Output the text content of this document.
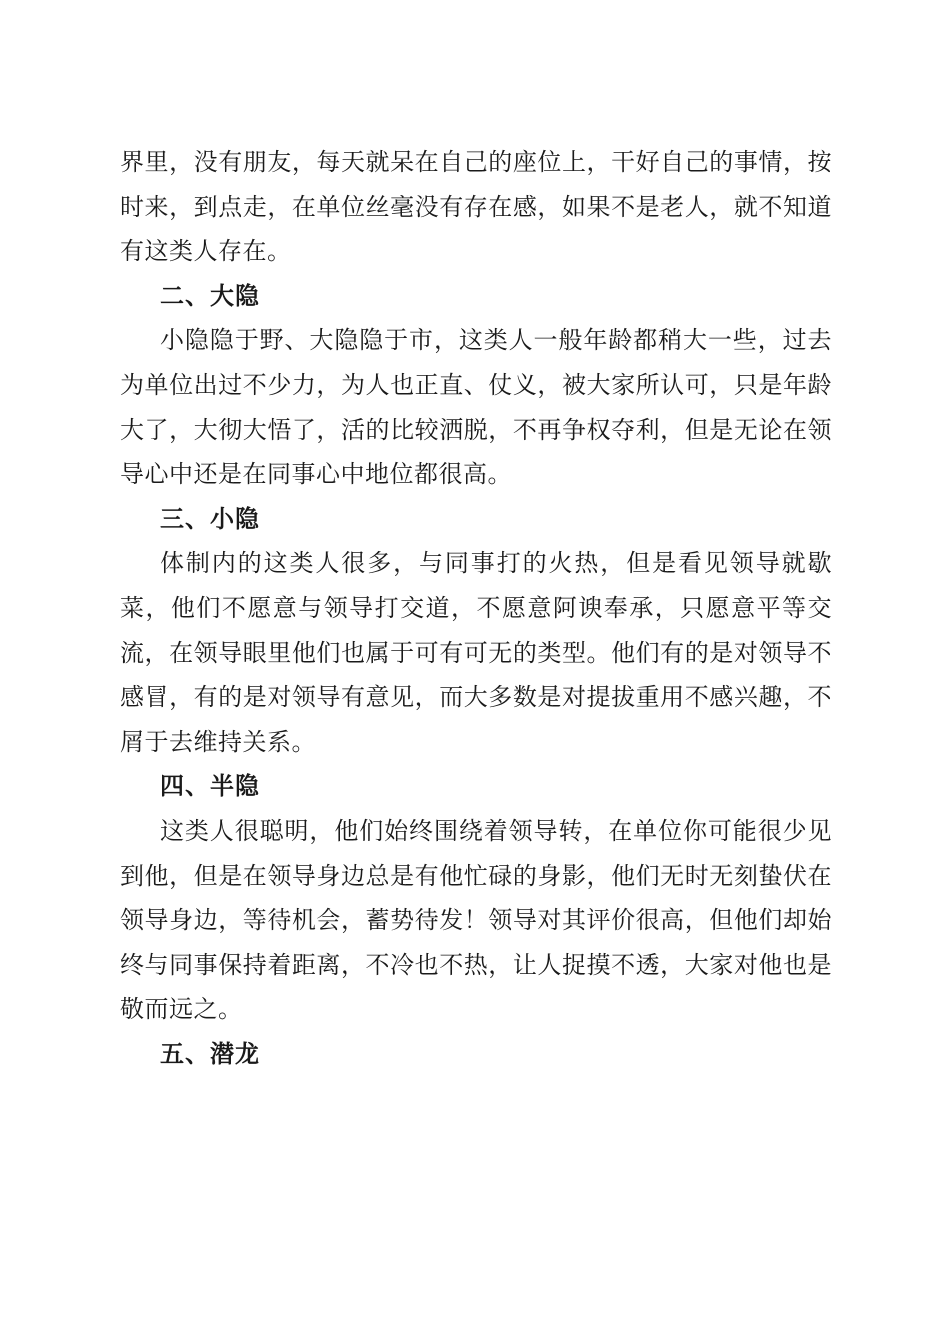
界里，没有朋友，每天就呆在自己的座位上，干好自己的事情，按时来，到点走，在单位丝毫没有存在感，如果不是老人，就不知道有这类人存在。

二、大隐

小隐隐于野、大隐隐于市，这类人一般年龄都稍大一些，过去为单位出过不少力，为人也正直、仗义，被大家所认可，只是年龄大了，大彻大悟了，活的比较洒脱，不再争权夺利，但是无论在领导心中还是在同事心中地位都很高。

三、小隐

体制内的这类人很多，与同事打的火热，但是看见领导就歇菜，他们不愿意与领导打交道，不愿意阿谀奉承，只愿意平等交流，在领导眼里他们也属于可有可无的类型。他们有的是对领导不感冒，有的是对领导有意见，而大多数是对提拔重用不感兴趣，不屑于去维持关系。

四、半隐

这类人很聪明，他们始终围绕着领导转，在单位你可能很少见到他，但是在领导身边总是有他忙碌的身影，他们无时无刻蛰伏在领导身边，等待机会，蓄势待发！领导对其评价很高，但他们却始终与同事保持着距离，不冷也不热，让人捉摸不透，大家对他也是敬而远之。

五、潜龙
